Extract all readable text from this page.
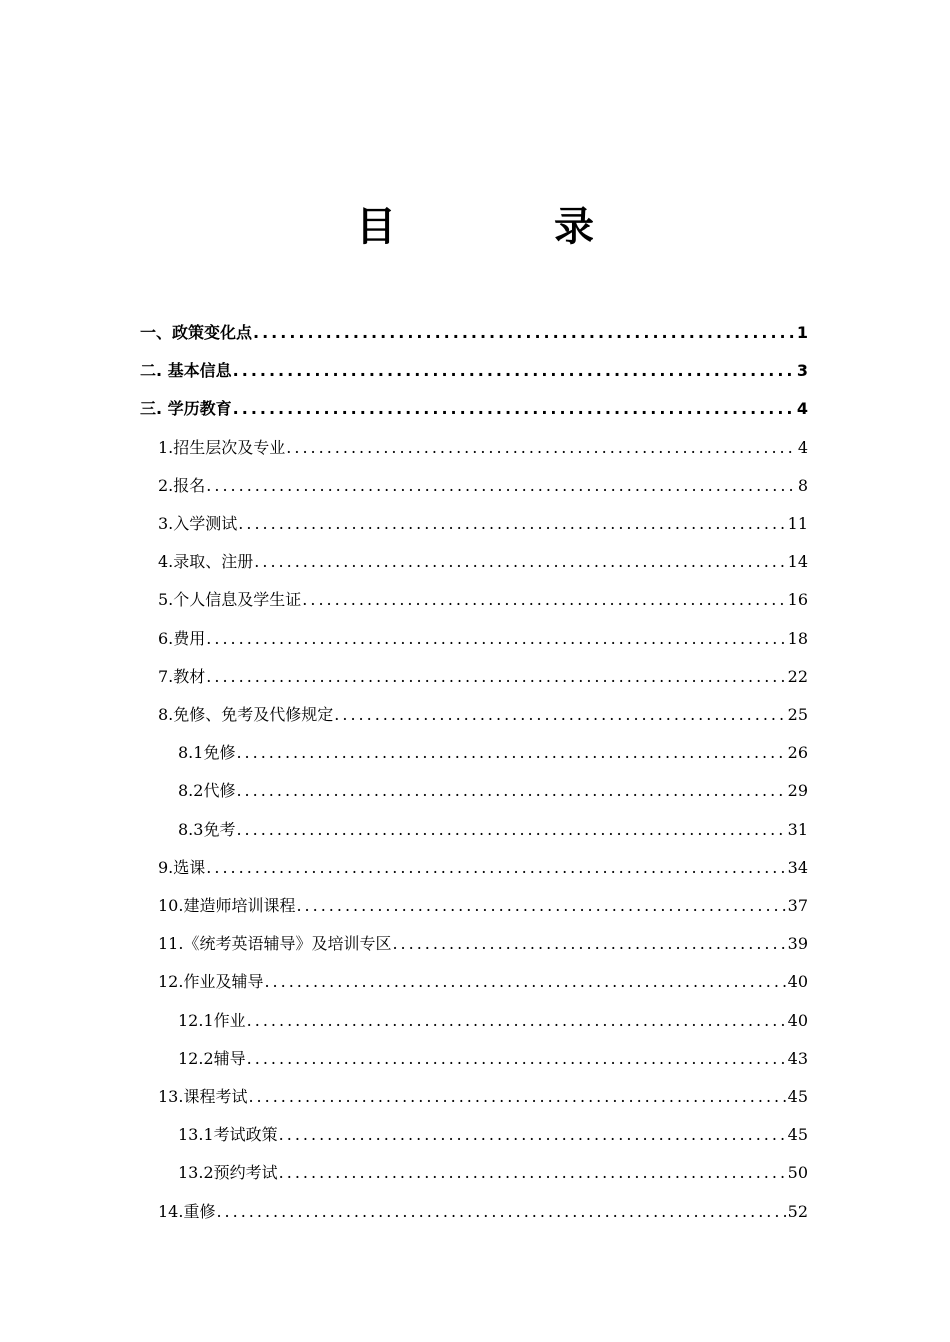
目 录
一、政策变化点 .....	1
二. 基本信息 .....	3
三. 学历教育 .....	4
1.招生层次及专业 .....	4
2.报名 .....	8
3.入学测试 .....	11
4.录取、注册 .....	14
5.个人信息及学生证 .....	16
6.费用 .....	18
7.教材 .....	22
8.免修、免考及代修规定 .....	25
8.1免修 .....	26
8.2代修 .....	29
8.3免考 .....	31
9.选课 .....	34
10.建造师培训课程 .....	37
11.《统考英语辅导》及培训专区 .....	39
12.作业及辅导 .....	40
12.1作业 .....	40
12.2辅导 .....	43
13.课程考试 .....	45
13.1考试政策 .....	45
13.2预约考试 .....	50
14.重修 .....	52
